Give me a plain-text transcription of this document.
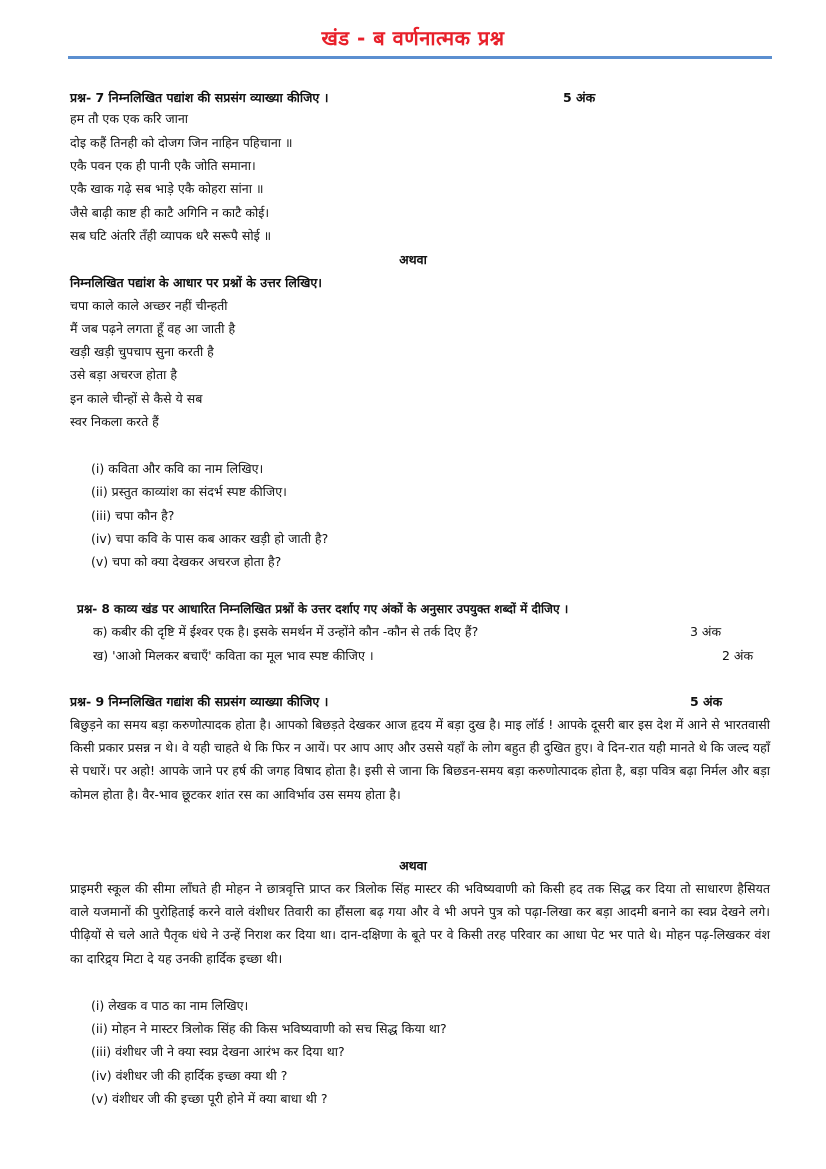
खंड - ब वर्णनात्मक प्रश्न
प्रश्न- 7 निम्नलिखित पद्यांश की सप्रसंग व्याख्या कीजिए ।	5 अंक
हम तौ एक एक करि जाना
दोइ कहैं तिनही को दोजग जिन नाहिन पहिचाना ॥
एकै पवन एक ही पानी एकै जोति समाना।
एकै खाक गढ़े सब भाड़े एकै कोहरा सांना ॥
जैसे बाढ़ी काष्ट ही काटै अगिनि न काटै कोई।
सब घटि अंतरि तँही व्यापक धरै सरूपै सोई ॥
अथवा
निम्नलिखित पद्यांश के आधार पर प्रश्नों के उत्तर लिखिए।
चपा काले काले अच्छर नहीं चीन्हती
मैं जब पढ़ने लगता हूँ वह आ जाती है
खड़ी खड़ी चुपचाप सुना करती है
उसे बड़ा अचरज होता है
इन काले चीन्हों से कैसे ये सब
स्वर निकला करते हैं
(i) कविता और कवि का नाम लिखिए।
(ii) प्रस्तुत काव्यांश का संदर्भ स्पष्ट कीजिए।
(iii) चपा कौन है?
(iv) चपा कवि के पास कब आकर खड़ी हो जाती है?
(v) चपा को क्या देखकर अचरज होता है?
प्रश्न- 8 काव्य खंड पर आधारित निम्नलिखित प्रश्नों के उत्तर दर्शाए गए अंकों के अनुसार उपयुक्त शब्दों में दीजिए ।
क) कबीर की दृष्टि में ईश्वर एक है। इसके समर्थन में उन्होंने कौन -कौन से तर्क दिए हैं?	3 अंक
ख) 'आओ मिलकर बचाएँ' कविता का मूल भाव स्पष्ट कीजिए ।	2 अंक
प्रश्न- 9 निम्नलिखित गद्यांश की सप्रसंग व्याख्या कीजिए ।	5 अंक
बिछुड़ने का समय बड़ा करुणोत्पादक होता है। आपको बिछड़ते देखकर आज हृदय में बड़ा दुख है। माइ लॉर्ड ! आपके दूसरी बार इस देश में आने से भारतवासी किसी प्रकार प्रसन्न न थे। वे यही चाहते थे कि फिर न आयें। पर आप आए और उससे यहाँ के लोग बहुत ही दुखित हुए। वे दिन-रात यही मानते थे कि जल्द यहाँ से पधारें। पर अहो! आपके जाने पर हर्ष की जगह विषाद होता है। इसी से जाना कि बिछडन-समय बड़ा करुणोत्पादक होता है, बड़ा पवित्र बढ़ा निर्मल और बड़ा कोमल होता है। वैर-भाव छूटकर शांत रस का आविर्भाव उस समय होता है।
अथवा
प्राइमरी स्कूल की सीमा लाँघते ही मोहन ने छात्रवृत्ति प्राप्त कर त्रिलोक सिंह मास्टर की भविष्यवाणी को किसी हद तक सिद्ध कर दिया तो साधारण हैसियत वाले यजमानों की पुरोहिताई करने वाले वंशीधर तिवारी का हौंसला बढ़ गया और वे भी अपने पुत्र को पढ़ा-लिखा कर बड़ा आदमी बनाने का स्वप्न देखने लगे। पीढ़ियों से चले आते पैतृक धंधे ने उन्हें निराश कर दिया था। दान-दक्षिणा के बूते पर वे किसी तरह परिवार का आधा पेट भर पाते थे। मोहन पढ़-लिखकर वंश का दारिद्र्य मिटा दे यह उनकी हार्दिक इच्छा थी।
(i) लेखक व पाठ का नाम लिखिए।
(ii) मोहन ने मास्टर त्रिलोक सिंह की किस भविष्यवाणी को सच सिद्ध किया था?
(iii) वंशीधर जी ने क्या स्वप्न देखना आरंभ कर दिया था?
(iv) वंशीधर जी की हार्दिक इच्छा क्या थी ?
(v) वंशीधर जी की इच्छा पूरी होने में क्या बाधा थी ?
